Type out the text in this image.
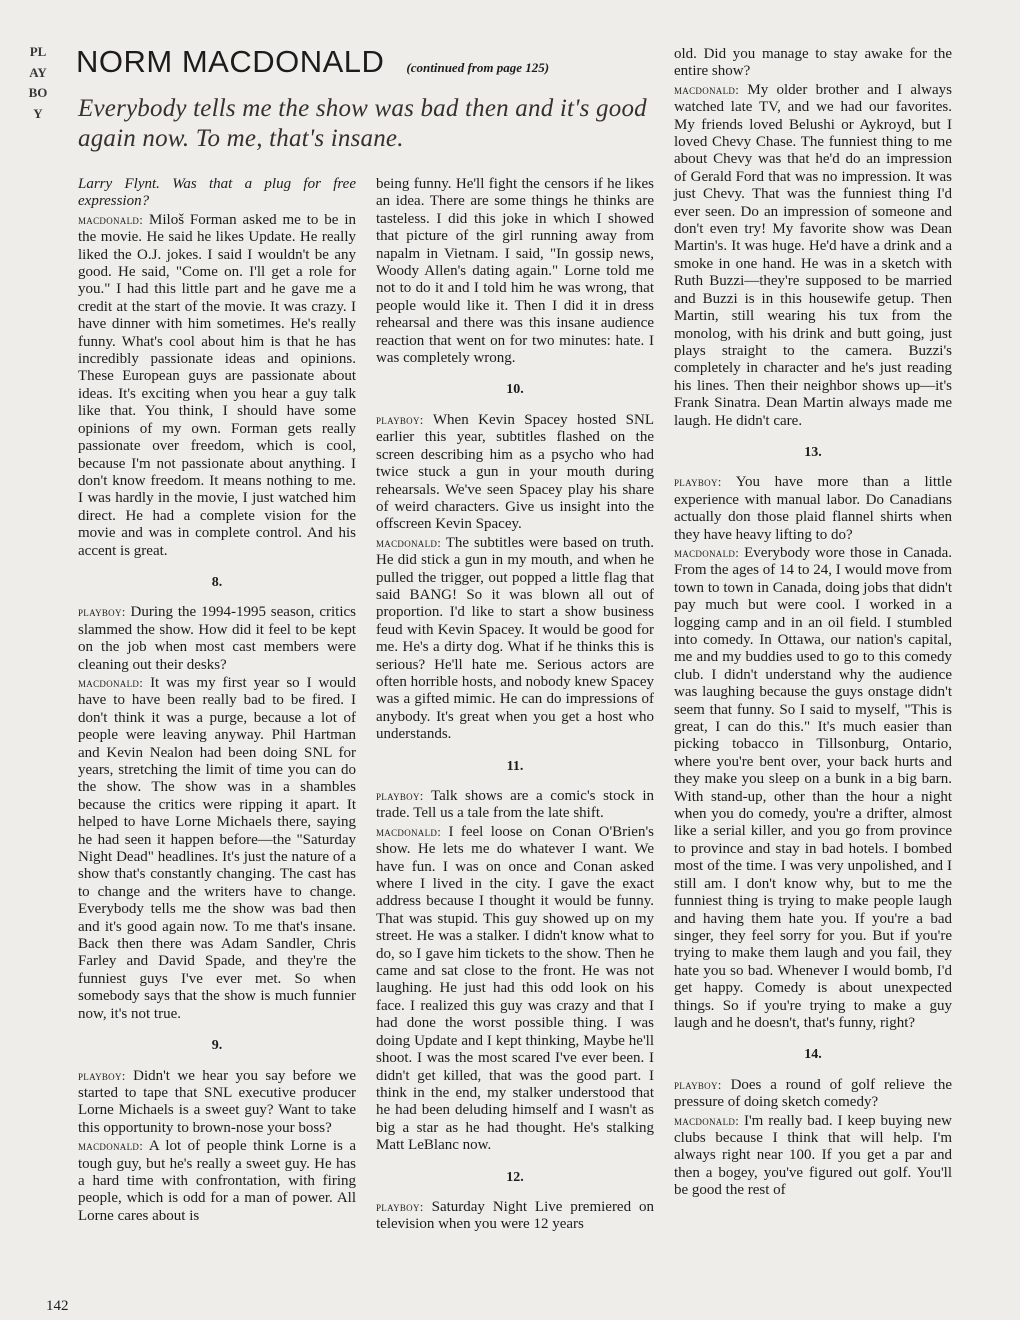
PLAYBOY
NORM MACDONALD (continued from page 125)
Everybody tells me the show was bad then and it's good again now. To me, that's insane.

Larry Flynt. Was that a plug for free expression?

macdonald: Miloš Forman asked me to be in the movie. He said he likes Update. He really liked the O.J. jokes. I said I wouldn't be any good. He said, "Come on. I'll get a role for you." I had this little part and he gave me a credit at the start of the movie. It was crazy. I have dinner with him sometimes. He's really funny. What's cool about him is that he has incredibly passionate ideas and opinions. These European guys are passionate about ideas. It's exciting when you hear a guy talk like that. You think, I should have some opinions of my own. Forman gets really passionate over freedom, which is cool, because I'm not passionate about anything. I don't know freedom. It means nothing to me. I was hardly in the movie, I just watched him direct. He had a complete vision for the movie and was in complete control. And his accent is great.

8.

playboy: During the 1994-1995 season, critics slammed the show. How did it feel to be kept on the job when most cast members were cleaning out their desks?

macdonald: It was my first year so I would have to have been really bad to be fired. I don't think it was a purge, because a lot of people were leaving anyway. Phil Hartman and Kevin Nealon had been doing SNL for years, stretching the limit of time you can do the show. The show was in a shambles because the critics were ripping it apart. It helped to have Lorne Michaels there, saying he had seen it happen before—the "Saturday Night Dead" headlines. It's just the nature of a show that's constantly changing. The cast has to change and the writers have to change. Everybody tells me the show was bad then and it's good again now. To me that's insane. Back then there was Adam Sandler, Chris Farley and David Spade, and they're the funniest guys I've ever met. So when somebody says that the show is much funnier now, it's not true.

9.

playboy: Didn't we hear you say before we started to tape that SNL executive producer Lorne Michaels is a sweet guy? Want to take this opportunity to brown-nose your boss?

macdonald: A lot of people think Lorne is a tough guy, but he's really a sweet guy. He has a hard time with confrontation, with firing people, which is odd for a man of power. All Lorne cares about is

being funny. He'll fight the censors if he likes an idea. There are some things he thinks are tasteless. I did this joke in which I showed that picture of the girl running away from napalm in Vietnam. I said, "In gossip news, Woody Allen's dating again." Lorne told me not to do it and I told him he was wrong, that people would like it. Then I did it in dress rehearsal and there was this insane audience reaction that went on for two minutes: hate. I was completely wrong.

10.

playboy: When Kevin Spacey hosted SNL earlier this year, subtitles flashed on the screen describing him as a psycho who had twice stuck a gun in your mouth during rehearsals. We've seen Spacey play his share of weird characters. Give us insight into the offscreen Kevin Spacey.

macdonald: The subtitles were based on truth. He did stick a gun in my mouth, and when he pulled the trigger, out popped a little flag that said BANG! So it was blown all out of proportion. I'd like to start a show business feud with Kevin Spacey. It would be good for me. He's a dirty dog. What if he thinks this is serious? He'll hate me. Serious actors are often horrible hosts, and nobody knew Spacey was a gifted mimic. He can do impressions of anybody. It's great when you get a host who understands.

11.

playboy: Talk shows are a comic's stock in trade. Tell us a tale from the late shift.

macdonald: I feel loose on Conan O'Brien's show. He lets me do whatever I want. We have fun. I was on once and Conan asked where I lived in the city. I gave the exact address because I thought it would be funny. That was stupid. This guy showed up on my street. He was a stalker. I didn't know what to do, so I gave him tickets to the show. Then he came and sat close to the front. He was not laughing. He just had this odd look on his face. I realized this guy was crazy and that I had done the worst possible thing. I was doing Update and I kept thinking, Maybe he'll shoot. I was the most scared I've ever been. I didn't get killed, that was the good part. I think in the end, my stalker understood that he had been deluding himself and I wasn't as big a star as he had thought. He's stalking Matt LeBlanc now.

12.

playboy: Saturday Night Live premiered on television when you were 12 years

old. Did you manage to stay awake for the entire show?

macdonald: My older brother and I always watched late TV, and we had our favorites. My friends loved Belushi or Aykroyd, but I loved Chevy Chase. The funniest thing to me about Chevy was that he'd do an impression of Gerald Ford that was no impression. It was just Chevy. That was the funniest thing I'd ever seen. Do an impression of someone and don't even try! My favorite show was Dean Martin's. It was huge. He'd have a drink and a smoke in one hand. He was in a sketch with Ruth Buzzi—they're supposed to be married and Buzzi is in this housewife getup. Then Martin, still wearing his tux from the monolog, with his drink and butt going, just plays straight to the camera. Buzzi's completely in character and he's just reading his lines. Then their neighbor shows up—it's Frank Sinatra. Dean Martin always made me laugh. He didn't care.

13.

playboy: You have more than a little experience with manual labor. Do Canadians actually don those plaid flannel shirts when they have heavy lifting to do?

macdonald: Everybody wore those in Canada. From the ages of 14 to 24, I would move from town to town in Canada, doing jobs that didn't pay much but were cool. I worked in a logging camp and in an oil field. I stumbled into comedy. In Ottawa, our nation's capital, me and my buddies used to go to this comedy club. I didn't understand why the audience was laughing because the guys onstage didn't seem that funny. So I said to myself, "This is great, I can do this." It's much easier than picking tobacco in Tillsonburg, Ontario, where you're bent over, your back hurts and they make you sleep on a bunk in a big barn. With stand-up, other than the hour a night when you do comedy, you're a drifter, almost like a serial killer, and you go from province to province and stay in bad hotels. I bombed most of the time. I was very unpolished, and I still am. I don't know why, but to me the funniest thing is trying to make people laugh and having them hate you. If you're a bad singer, they feel sorry for you. But if you're trying to make them laugh and you fail, they hate you so bad. Whenever I would bomb, I'd get happy. Comedy is about unexpected things. So if you're trying to make a guy laugh and he doesn't, that's funny, right?

14.

playboy: Does a round of golf relieve the pressure of doing sketch comedy?

macdonald: I'm really bad. I keep buying new clubs because I think that will help. I'm always right near 100. If you get a par and then a bogey, you've figured out golf. You'll be good the rest of

142
